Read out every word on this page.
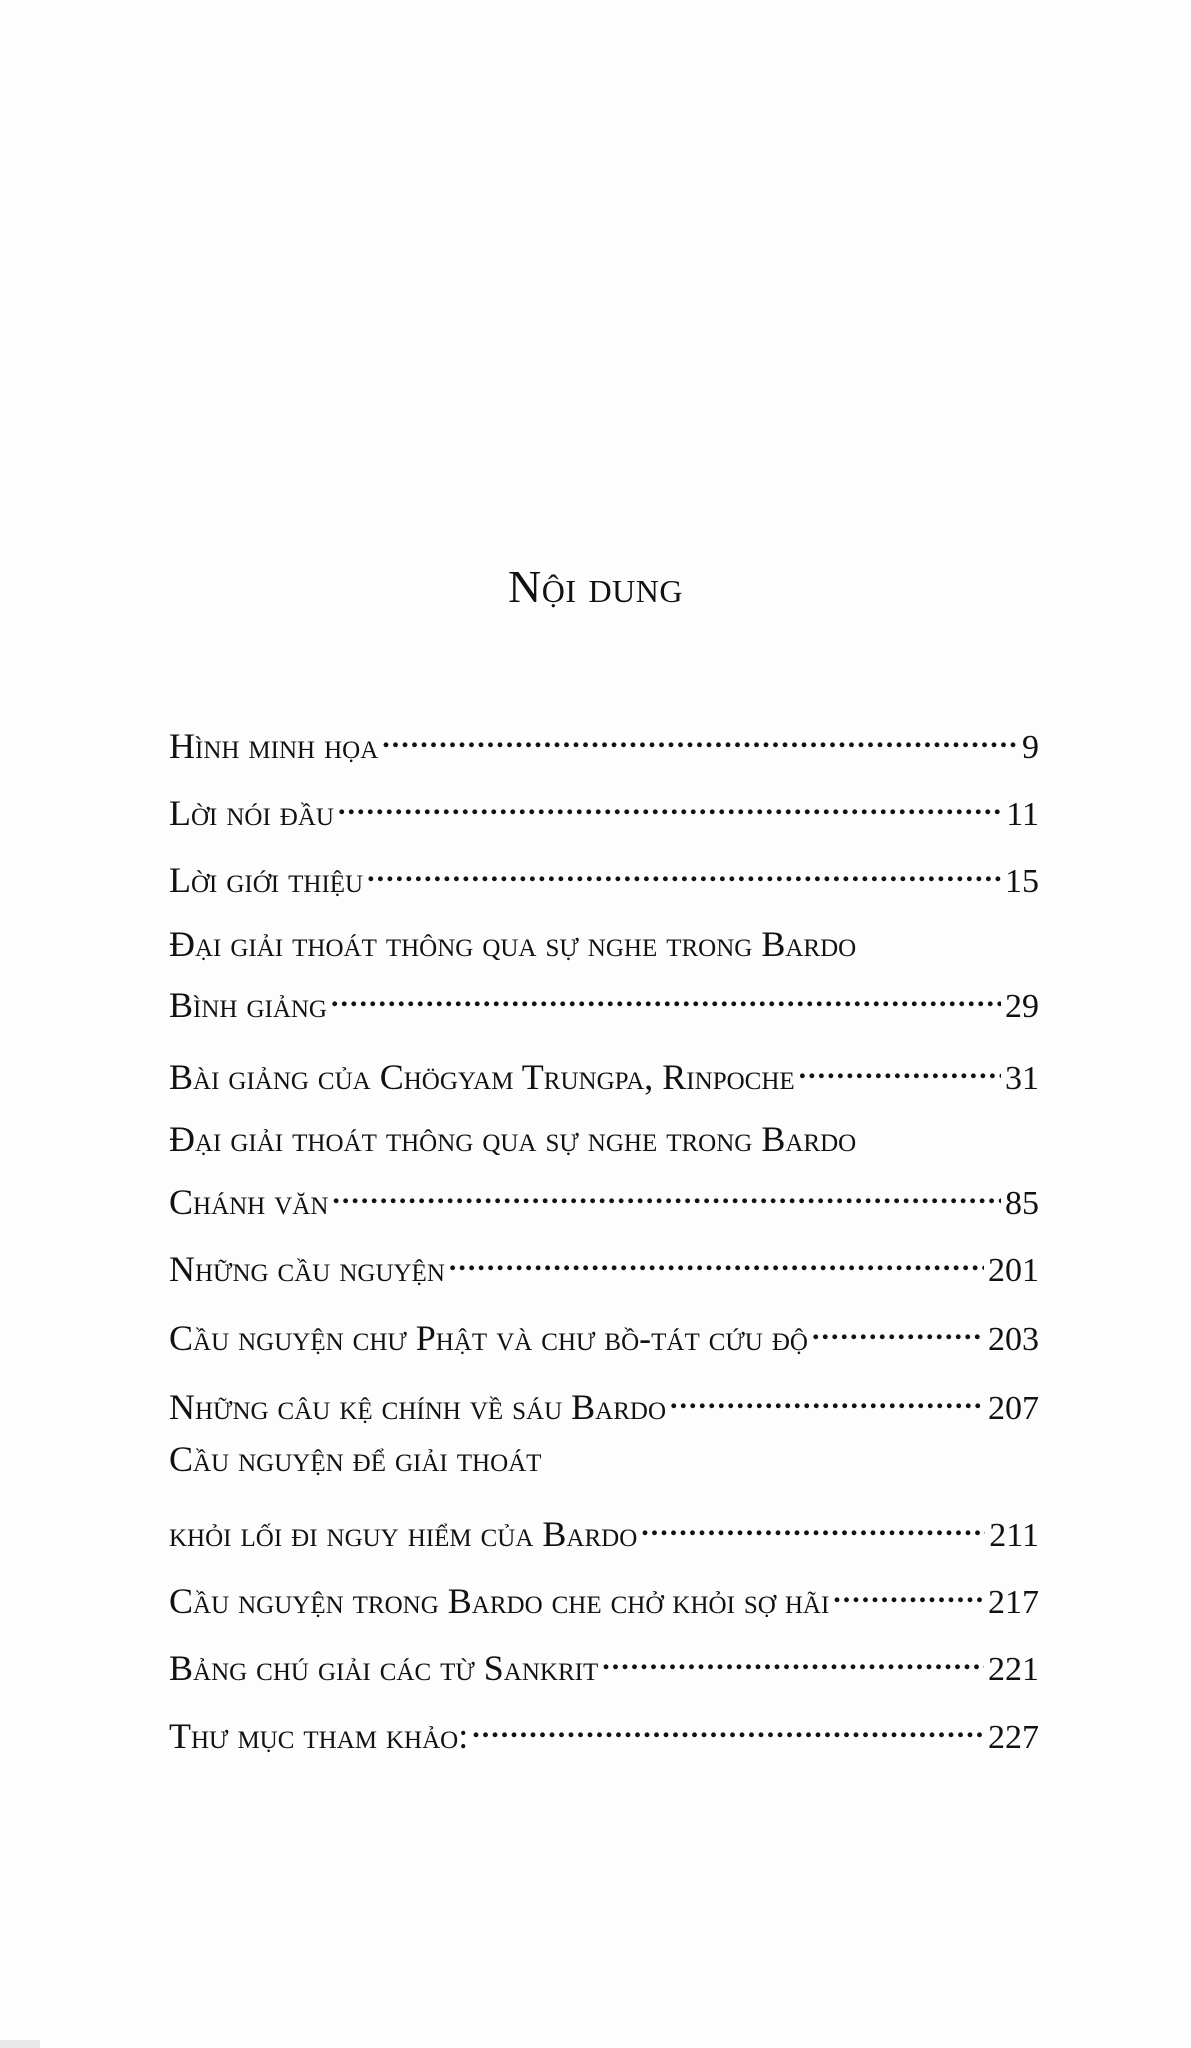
Nội dung
Hình minh họa .....	9
Lời nói đầu .....	11
Lời giới thiệu .....	15
Đại giải thoát thông qua sự nghe trong Bardo
Bình giảng .....	29
Bài giảng của Chögyam Trungpa, Rinpoche .....	31
Đại giải thoát thông qua sự nghe trong Bardo
Chánh văn .....	85
Những cầu nguyện .....	201
Cầu nguyện chư Phật và chư bồ-tát cứu độ .....	203
Những câu kệ chính về sáu Bardo .....	207
Cầu nguyện để giải thoát
khỏi lối đi nguy hiểm của Bardo .....	211
Cầu nguyện trong Bardo che chở khỏi sợ hãi .....	217
Bảng chú giải các từ Sankrit .....	221
Thư mục tham khảo: .....	227
